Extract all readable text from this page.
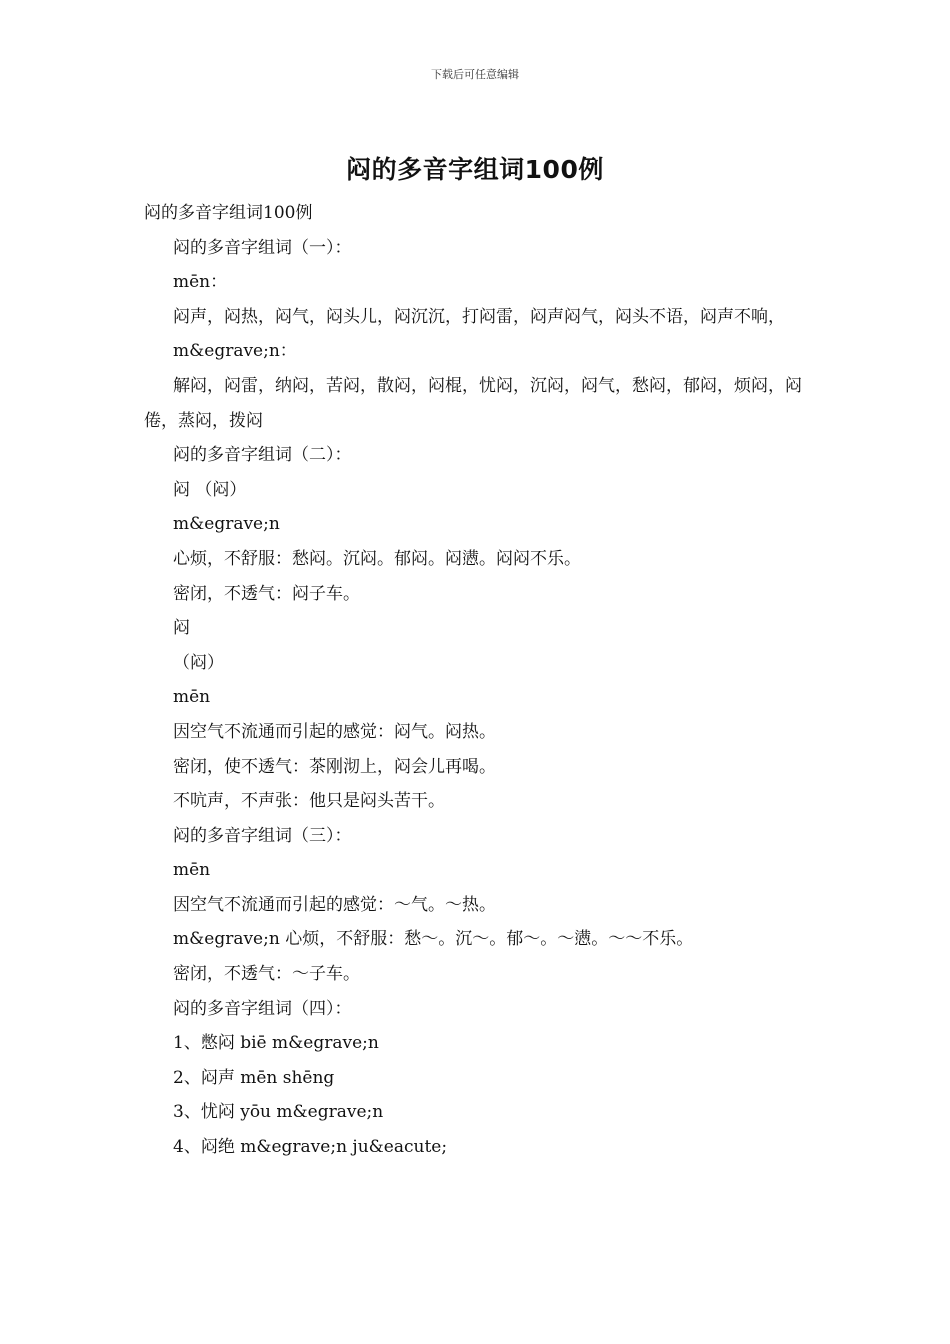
下载后可任意编辑
闷的多音字组词100例

闷的多音字组词100例

闷的多音字组词（一）：

mēn：

闷声，闷热，闷气，闷头儿，闷沉沉，打闷雷，闷声闷气，闷头不语，闷声不响，

m&egrave;n：

解闷，闷雷，纳闷，苦闷，散闷，闷棍，忧闷，沉闷，闷气，愁闷，郁闷，烦闷，闷倦，蒸闷，拨闷

闷的多音字组词（二）：

闷 （闷）

m&egrave;n

心烦，不舒服：愁闷。沉闷。郁闷。闷懑。闷闷不乐。

密闭，不透气：闷子车。

闷

（闷）

mēn

因空气不流通而引起的感觉：闷气。闷热。

密闭，使不透气：茶刚沏上，闷会儿再喝。

不吭声，不声张：他只是闷头苦干。

闷的多音字组词（三）：

mēn

因空气不流通而引起的感觉：～气。～热。

m&egrave;n 心烦，不舒服：愁～。沉～。郁～。～懑。～～不乐。

密闭，不透气：～子车。

闷的多音字组词（四）：

1、憋闷 biē m&egrave;n

2、闷声 mēn shēng

3、忧闷 yōu m&egrave;n

4、闷绝 m&egrave;n ju&eacute;
